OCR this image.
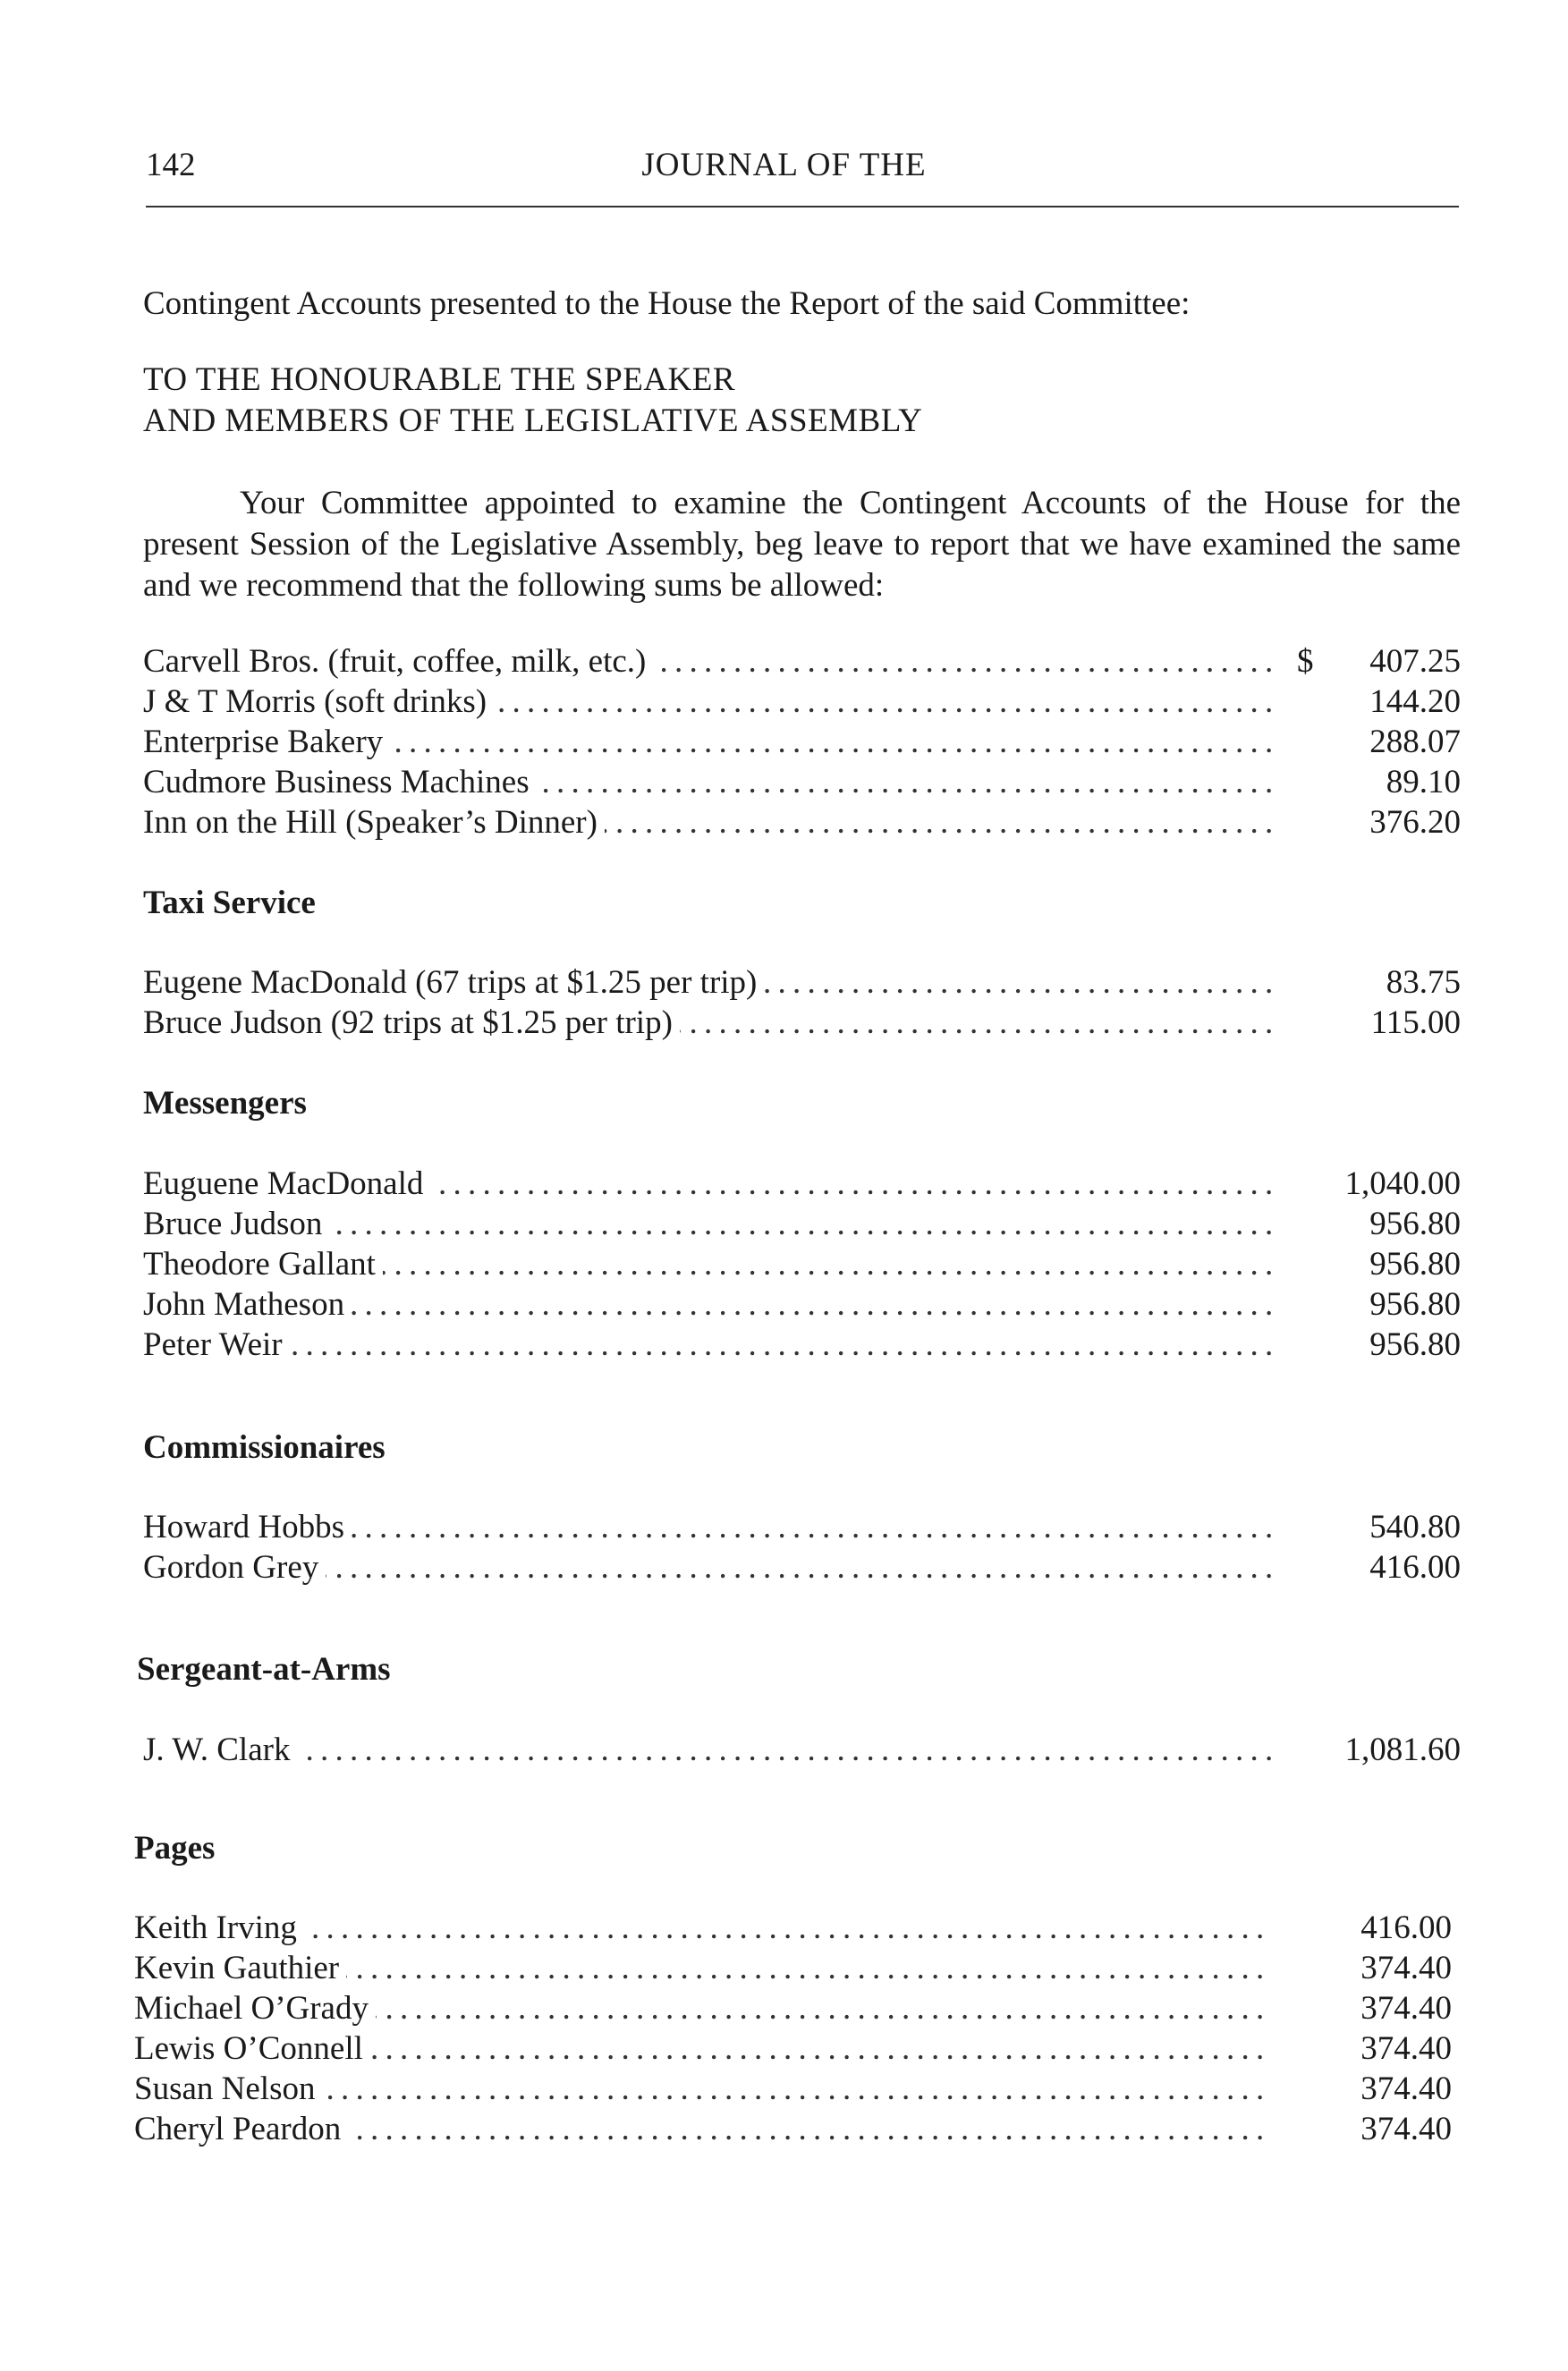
142	JOURNAL OF THE
Contingent Accounts presented to the House the Report of the said Committee:
TO THE HONOURABLE THE SPEAKER
AND MEMBERS OF THE LEGISLATIVE ASSEMBLY
Your Committee appointed to examine the Contingent Accounts of the House for the present Session of the Legislative Assembly, beg leave to report that we have examined the same and we recommend that the following sums be allowed:
. . .
Carvell Bros. (fruit, coffee, milk, etc.)	$ 407.25
. . .
J & T Morris (soft drinks)	144.20
. . .
Enterprise Bakery	288.07
. . .
Cudmore Business Machines	89.10
. . .
Inn on the Hill (Speaker’s Dinner)	376.20
Taxi Service
. . .
Eugene MacDonald (67 trips at $1.25 per trip)	83.75
. . .
Bruce Judson (92 trips at $1.25 per trip)	115.00
Messengers
. . .
Euguene MacDonald	1,040.00
. . .
Bruce Judson	956.80
. . .
Theodore Gallant	956.80
. . .
John Matheson	956.80
. . .
Peter Weir	956.80
Commissionaires
. . .
Howard Hobbs	540.80
. . .
Gordon Grey	416.00
Sergeant-at-Arms
. . .
J. W. Clark	1,081.60
Pages
. . .
Keith Irving	416.00
. . .
Kevin Gauthier	374.40
. . .
Michael O’Grady	374.40
. . .
Lewis O’Connell	374.40
. . .
Susan Nelson	374.40
. . .
Cheryl Peardon	374.40
